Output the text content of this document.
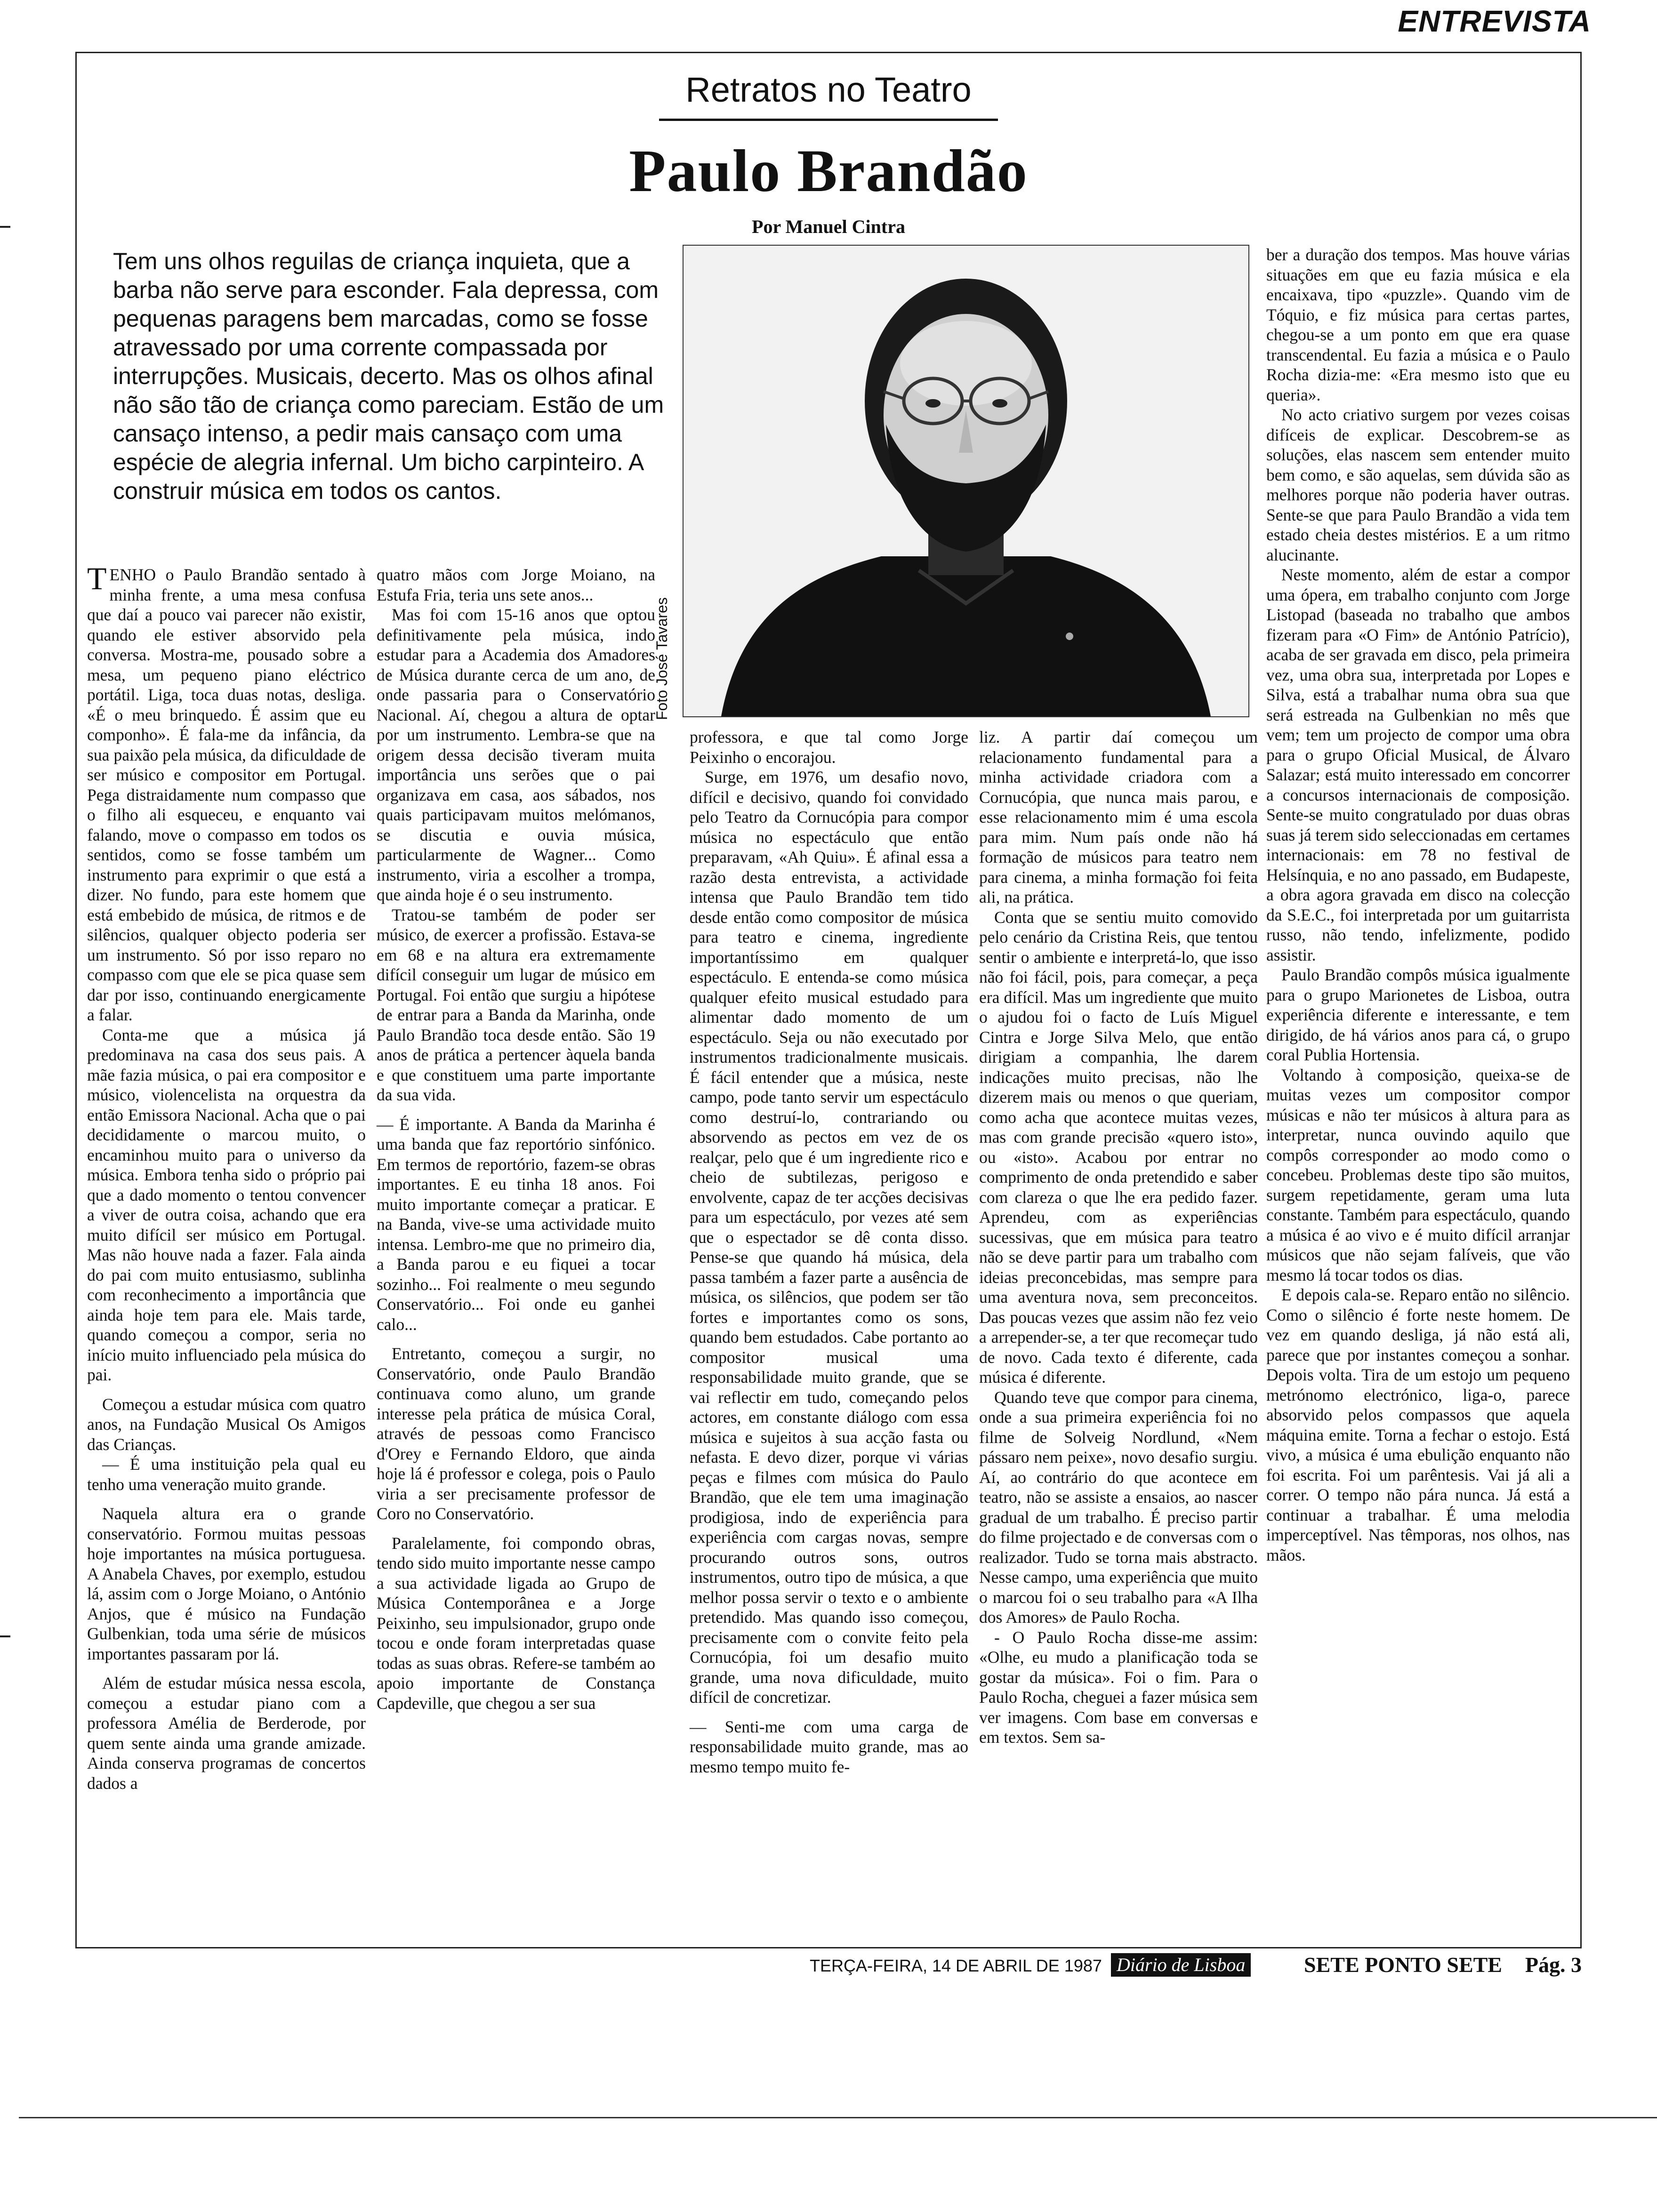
ENTREVISTA
Retratos no Teatro
Paulo Brandão
Por Manuel Cintra
Tem uns olhos reguilas de criança inquieta, que a barba não serve para esconder. Fala depressa, com pequenas paragens bem marcadas, como se fosse atravessado por uma corrente compassada por interrupções. Musicais, decerto. Mas os olhos afinal não são tão de criança como pareciam. Estão de um cansaço intenso, a pedir mais cansaço com uma espécie de alegria infernal. Um bicho carpinteiro. A construir música em todos os cantos.
Foto José Tavares

TENHO o Paulo Brandão sentado à minha frente, a uma mesa confusa que daí a pouco vai parecer não existir, quando ele estiver absorvido pela conversa. Mostra-me, pousado sobre a mesa, um pequeno piano eléctrico portátil. Liga, toca duas notas, desliga. «É o meu brinquedo. É assim que eu componho». É fala-me da infância, da sua paixão pela música, da dificuldade de ser músico e compositor em Portugal. Pega distraidamente num compasso que o filho ali esqueceu, e enquanto vai falando, move o compasso em todos os sentidos, como se fosse também um instrumento para exprimir o que está a dizer. No fundo, para este homem que está embebido de música, de ritmos e de silêncios, qualquer objecto poderia ser um instrumento. Só por isso reparo no compasso com que ele se pica quase sem dar por isso, continuando energicamente a falar.

Conta-me que a música já predominava na casa dos seus pais. A mãe fazia música, o pai era compositor e músico, violencelista na orquestra da então Emissora Nacional. Acha que o pai decididamente o marcou muito, o encaminhou muito para o universo da música. Embora tenha sido o próprio pai que a dado momento o tentou convencer a viver de outra coisa, achando que era muito difícil ser músico em Portugal. Mas não houve nada a fazer. Fala ainda do pai com muito entusiasmo, sublinha com reconhecimento a importância que ainda hoje tem para ele. Mais tarde, quando começou a compor, seria no início muito influenciado pela música do pai.

Começou a estudar música com quatro anos, na Fundação Musical Os Amigos das Crianças.

— É uma instituição pela qual eu tenho uma veneração muito grande.

Naquela altura era o grande conservatório. Formou muitas pessoas hoje importantes na música portuguesa. A Anabela Chaves, por exemplo, estudou lá, assim com o Jorge Moiano, o António Anjos, que é músico na Fundação Gulbenkian, toda uma série de músicos importantes passaram por lá.

Além de estudar música nessa escola, começou a estudar piano com a professora Amélia de Berderode, por quem sente ainda uma grande amizade. Ainda conserva programas de concertos dados a

quatro mãos com Jorge Moiano, na Estufa Fria, teria uns sete anos...

Mas foi com 15-16 anos que optou definitivamente pela música, indo estudar para a Academia dos Amadores de Música durante cerca de um ano, de onde passaria para o Conservatório Nacional. Aí, chegou a altura de optar por um instrumento. Lembra-se que na origem dessa decisão tiveram muita importância uns serões que o pai organizava em casa, aos sábados, nos quais participavam muitos melómanos, se discutia e ouvia música, particularmente de Wagner... Como instrumento, viria a escolher a trompa, que ainda hoje é o seu instrumento.

Tratou-se também de poder ser músico, de exercer a profissão. Estava-se em 68 e na altura era extremamente difícil conseguir um lugar de músico em Portugal. Foi então que surgiu a hipótese de entrar para a Banda da Marinha, onde Paulo Brandão toca desde então. São 19 anos de prática a pertencer àquela banda e que constituem uma parte importante da sua vida.

— É importante. A Banda da Marinha é uma banda que faz reportório sinfónico. Em termos de reportório, fazem-se obras importantes. E eu tinha 18 anos. Foi muito importante começar a praticar. E na Banda, vive-se uma actividade muito intensa. Lembro-me que no primeiro dia, a Banda parou e eu fiquei a tocar sozinho... Foi realmente o meu segundo Conservatório... Foi onde eu ganhei calo...

Entretanto, começou a surgir, no Conservatório, onde Paulo Brandão continuava como aluno, um grande interesse pela prática de música Coral, através de pessoas como Francisco d'Orey e Fernando Eldoro, que ainda hoje lá é professor e colega, pois o Paulo viria a ser precisamente professor de Coro no Conservatório.

Paralelamente, foi compondo obras, tendo sido muito importante nesse campo a sua actividade ligada ao Grupo de Música Contemporânea e a Jorge Peixinho, seu impulsionador, grupo onde tocou e onde foram interpretadas quase todas as suas obras. Refere-se também ao apoio importante de Constança Capdeville, que chegou a ser sua

professora, e que tal como Jorge Peixinho o encorajou.

Surge, em 1976, um desafio novo, difícil e decisivo, quando foi convidado pelo Teatro da Cornucópia para compor música no espectáculo que então preparavam, «Ah Quiu». É afinal essa a razão desta entrevista, a actividade intensa que Paulo Brandão tem tido desde então como compositor de música para teatro e cinema, ingrediente importantíssimo em qualquer espectáculo. E entenda-se como música qualquer efeito musical estudado para alimentar dado momento de um espectáculo. Seja ou não executado por instrumentos tradicionalmente musicais. É fácil entender que a música, neste campo, pode tanto servir um espectáculo como destruí-lo, contrariando ou absorvendo as pectos em vez de os realçar, pelo que é um ingrediente rico e cheio de subtilezas, perigoso e envolvente, capaz de ter acções decisivas para um espectáculo, por vezes até sem que o espectador se dê conta disso. Pense-se que quando há música, dela passa também a fazer parte a ausência de música, os silêncios, que podem ser tão fortes e importantes como os sons, quando bem estudados. Cabe portanto ao compositor musical uma responsabilidade muito grande, que se vai reflectir em tudo, começando pelos actores, em constante diálogo com essa música e sujeitos à sua acção fasta ou nefasta. E devo dizer, porque vi várias peças e filmes com música do Paulo Brandão, que ele tem uma imaginação prodigiosa, indo de experiência para experiência com cargas novas, sempre procurando outros sons, outros instrumentos, outro tipo de música, a que melhor possa servir o texto e o ambiente pretendido. Mas quando isso começou, precisamente com o convite feito pela Cornucópia, foi um desafio muito grande, uma nova dificuldade, muito difícil de concretizar.

— Senti-me com uma carga de responsabilidade muito grande, mas ao mesmo tempo muito fe-

liz. A partir daí começou um relacionamento fundamental para a minha actividade criadora com a Cornucópia, que nunca mais parou, e esse relacionamento mim é uma escola para mim. Num país onde não há formação de músicos para teatro nem para cinema, a minha formação foi feita ali, na prática.

Conta que se sentiu muito comovido pelo cenário da Cristina Reis, que tentou sentir o ambiente e interpretá-lo, que isso não foi fácil, pois, para começar, a peça era difícil. Mas um ingrediente que muito o ajudou foi o facto de Luís Miguel Cintra e Jorge Silva Melo, que então dirigiam a companhia, lhe darem indicações muito precisas, não lhe dizerem mais ou menos o que queriam, como acha que acontece muitas vezes, mas com grande precisão «quero isto», ou «isto». Acabou por entrar no comprimento de onda pretendido e saber com clareza o que lhe era pedido fazer. Aprendeu, com as experiências sucessivas, que em música para teatro não se deve partir para um trabalho com ideias preconcebidas, mas sempre para uma aventura nova, sem preconceitos. Das poucas vezes que assim não fez veio a arrepender-se, a ter que recomeçar tudo de novo. Cada texto é diferente, cada música é diferente.

Quando teve que compor para cinema, onde a sua primeira experiência foi no filme de Solveig Nordlund, «Nem pássaro nem peixe», novo desafio surgiu. Aí, ao contrário do que acontece em teatro, não se assiste a ensaios, ao nascer gradual de um trabalho. É preciso partir do filme projectado e de conversas com o realizador. Tudo se torna mais abstracto. Nesse campo, uma experiência que muito o marcou foi o seu trabalho para «A Ilha dos Amores» de Paulo Rocha.

- O Paulo Rocha disse-me assim: «Olhe, eu mudo a planificação toda se gostar da música». Foi o fim. Para o Paulo Rocha, cheguei a fazer música sem ver imagens. Com base em conversas e em textos. Sem sa-

ber a duração dos tempos. Mas houve várias situações em que eu fazia música e ela encaixava, tipo «puzzle». Quando vim de Tóquio, e fiz música para certas partes, chegou-se a um ponto em que era quase transcendental. Eu fazia a música e o Paulo Rocha dizia-me: «Era mesmo isto que eu queria».

No acto criativo surgem por vezes coisas difíceis de explicar. Descobrem-se as soluções, elas nascem sem entender muito bem como, e são aquelas, sem dúvida são as melhores porque não poderia haver outras. Sente-se que para Paulo Brandão a vida tem estado cheia destes mistérios. E a um ritmo alucinante.

Neste momento, além de estar a compor uma ópera, em trabalho conjunto com Jorge Listopad (baseada no trabalho que ambos fizeram para «O Fim» de António Patrício), acaba de ser gravada em disco, pela primeira vez, uma obra sua, interpretada por Lopes e Silva, está a trabalhar numa obra sua que será estreada na Gulbenkian no mês que vem; tem um projecto de compor uma obra para o grupo Oficial Musical, de Álvaro Salazar; está muito interessado em concorrer a concursos internacionais de composição. Sente-se muito congratulado por duas obras suas já terem sido seleccionadas em certames internacionais: em 78 no festival de Helsínquia, e no ano passado, em Budapeste, a obra agora gravada em disco na colecção da S.E.C., foi interpretada por um guitarrista russo, não tendo, infelizmente, podido assistir.

Paulo Brandão compôs música igualmente para o grupo Marionetes de Lisboa, outra experiência diferente e interessante, e tem dirigido, de há vários anos para cá, o grupo coral Publia Hortensia.

Voltando à composição, queixa-se de muitas vezes um compositor compor músicas e não ter músicos à altura para as interpretar, nunca ouvindo aquilo que compôs corresponder ao modo como o concebeu. Problemas deste tipo são muitos, surgem repetidamente, geram uma luta constante. Também para espectáculo, quando a música é ao vivo e é muito difícil arranjar músicos que não sejam falíveis, que vão mesmo lá tocar todos os dias.

E depois cala-se. Reparo então no silêncio. Como o silêncio é forte neste homem. De vez em quando desliga, já não está ali, parece que por instantes começou a sonhar. Depois volta. Tira de um estojo um pequeno metrónomo electrónico, liga-o, parece absorvido pelos compassos que aquela máquina emite. Torna a fechar o estojo. Está vivo, a música é uma ebulição enquanto não foi escrita. Foi um parêntesis. Vai já ali a correr. O tempo não pára nunca. Já está a continuar a trabalhar. É uma melodia imperceptível. Nas têmporas, nos olhos, nas mãos.

TERÇA-FEIRA, 14 DE ABRIL DE 1987 Diário de Lisboa	SETE PONTO SETE	Pág. 3
